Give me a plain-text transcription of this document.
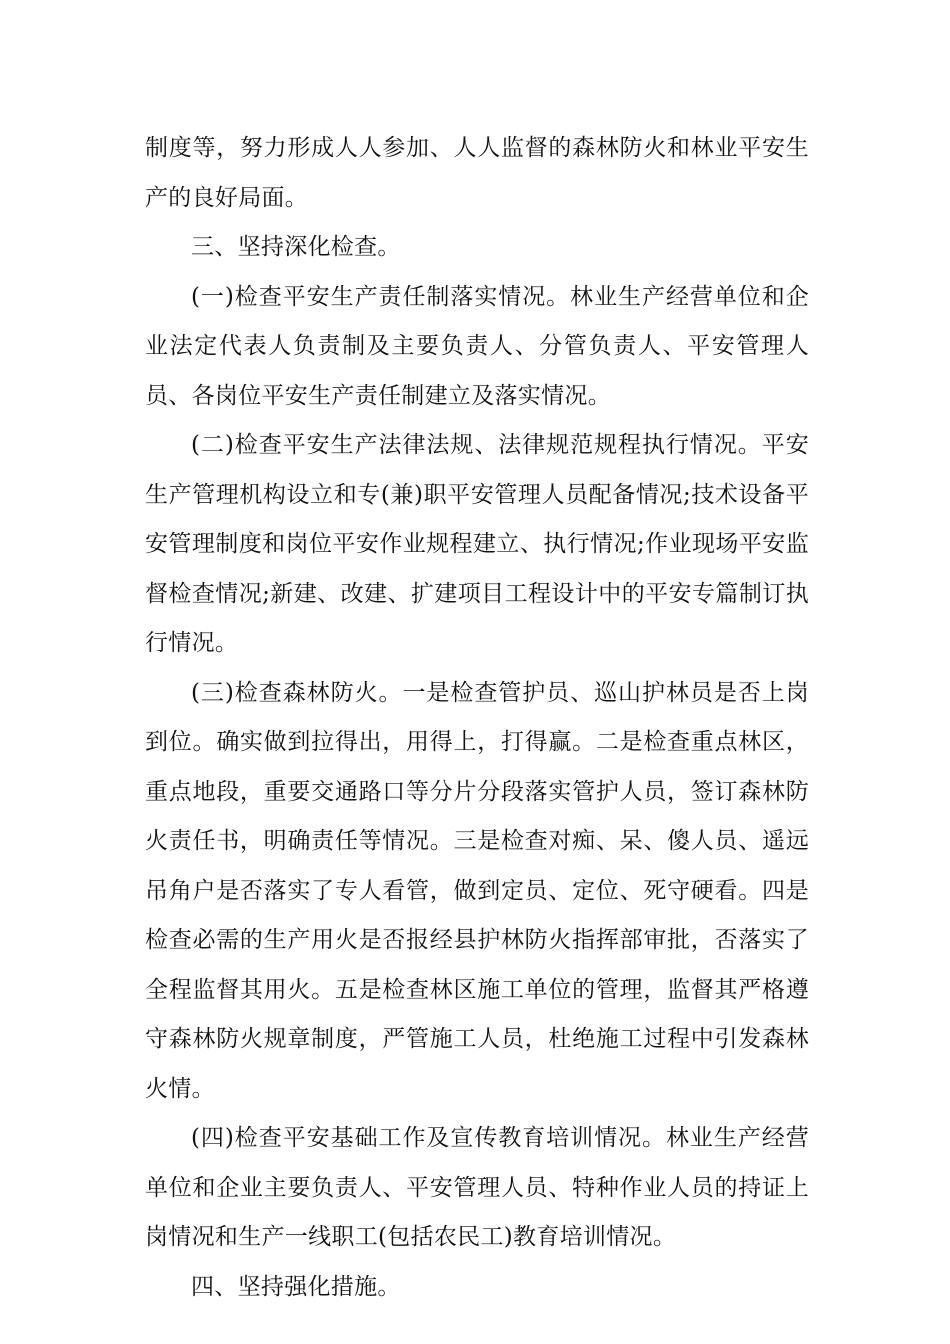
制度等，努力形成人人参加、人人监督的森林防火和林业平安生产的良好局面。

三、坚持深化检查。

(一)检查平安生产责任制落实情况。林业生产经营单位和企业法定代表人负责制及主要负责人、分管负责人、平安管理人员、各岗位平安生产责任制建立及落实情况。

(二)检查平安生产法律法规、法律规范规程执行情况。平安生产管理机构设立和专(兼)职平安管理人员配备情况;技术设备平安管理制度和岗位平安作业规程建立、执行情况;作业现场平安监督检查情况;新建、改建、扩建项目工程设计中的平安专篇制订执行情况。

(三)检查森林防火。一是检查管护员、巡山护林员是否上岗到位。确实做到拉得出，用得上，打得赢。二是检查重点林区，重点地段，重要交通路口等分片分段落实管护人员，签订森林防火责任书，明确责任等情况。三是检查对痴、呆、傻人员、遥远吊角户是否落实了专人看管，做到定员、定位、死守硬看。四是检查必需的生产用火是否报经县护林防火指挥部审批，否落实了全程监督其用火。五是检查林区施工单位的管理，监督其严格遵守森林防火规章制度，严管施工人员，杜绝施工过程中引发森林火情。

(四)检查平安基础工作及宣传教育培训情况。林业生产经营单位和企业主要负责人、平安管理人员、特种作业人员的持证上岗情况和生产一线职工(包括农民工)教育培训情况。

四、坚持强化措施。
